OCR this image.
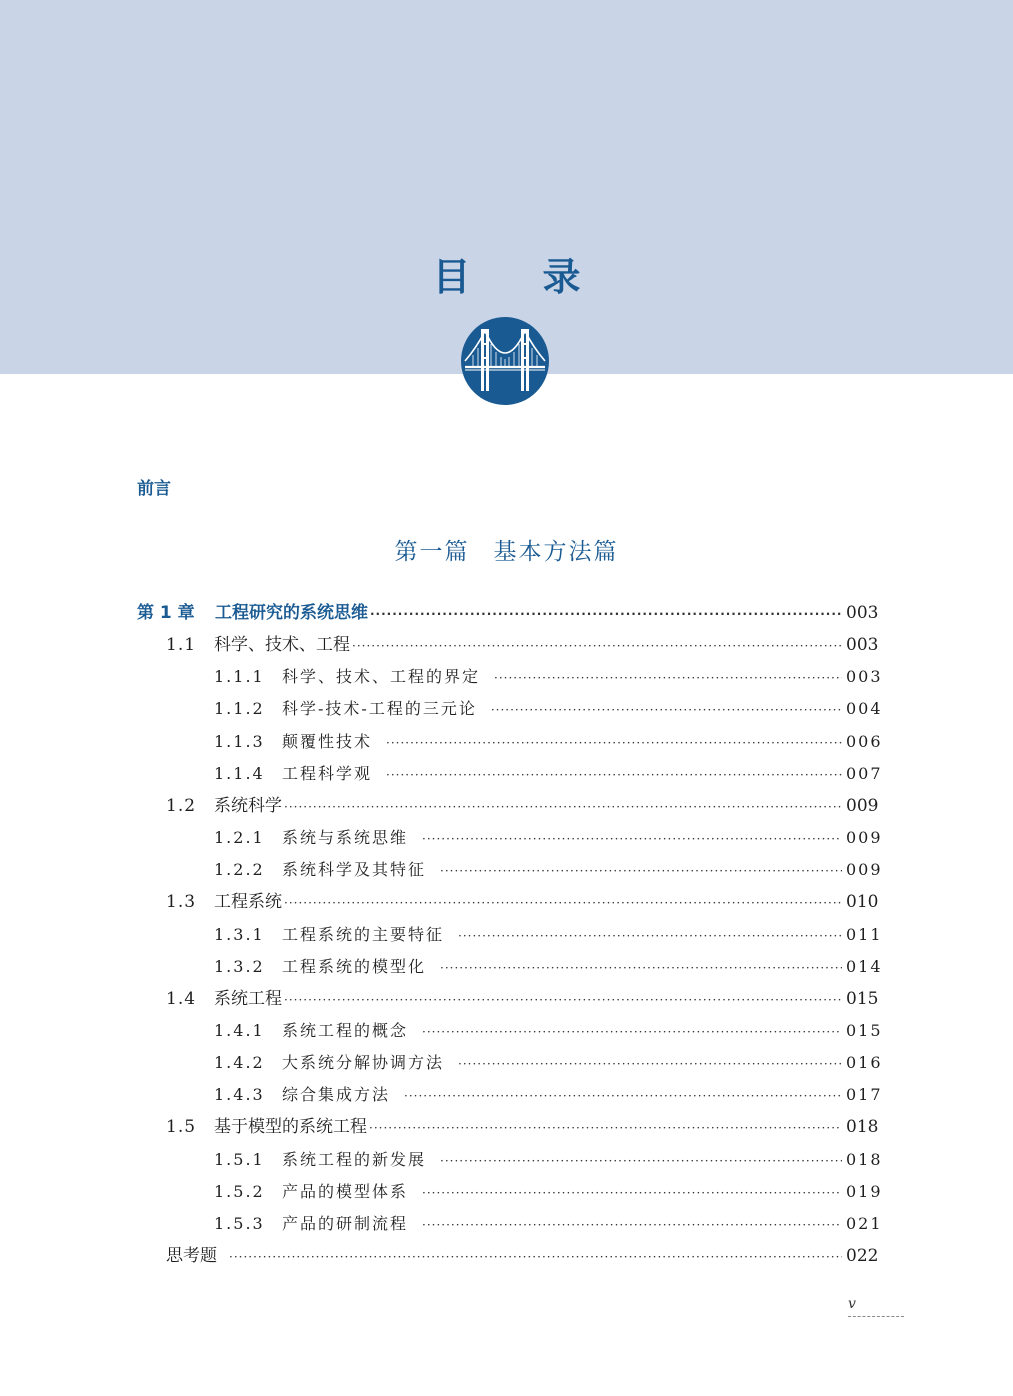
目录
前言
第一篇 基本方法篇
第 1 章	工程研究的系统思维 ·····	003
1.1	科学、技术、工程 ·····	003
1.1.1	科学、技术、工程的界定 ·····	003
1.1.2	科学-技术-工程的三元论 ·····	004
1.1.3	颠覆性技术 ·····	006
1.1.4	工程科学观 ·····	007
1.2	系统科学 ·····	009
1.2.1	系统与系统思维 ·····	009
1.2.2	系统科学及其特征 ·····	009
1.3	工程系统 ·····	010
1.3.1	工程系统的主要特征 ·····	011
1.3.2	工程系统的模型化 ·····	014
1.4	系统工程 ·····	015
1.4.1	系统工程的概念 ·····	015
1.4.2	大系统分解协调方法 ·····	016
1.4.3	综合集成方法 ·····	017
1.5	基于模型的系统工程 ·····	018
1.5.1	系统工程的新发展 ·····	018
1.5.2	产品的模型体系 ·····	019
1.5.3	产品的研制流程 ·····	021
思考题 ·····	022
v
